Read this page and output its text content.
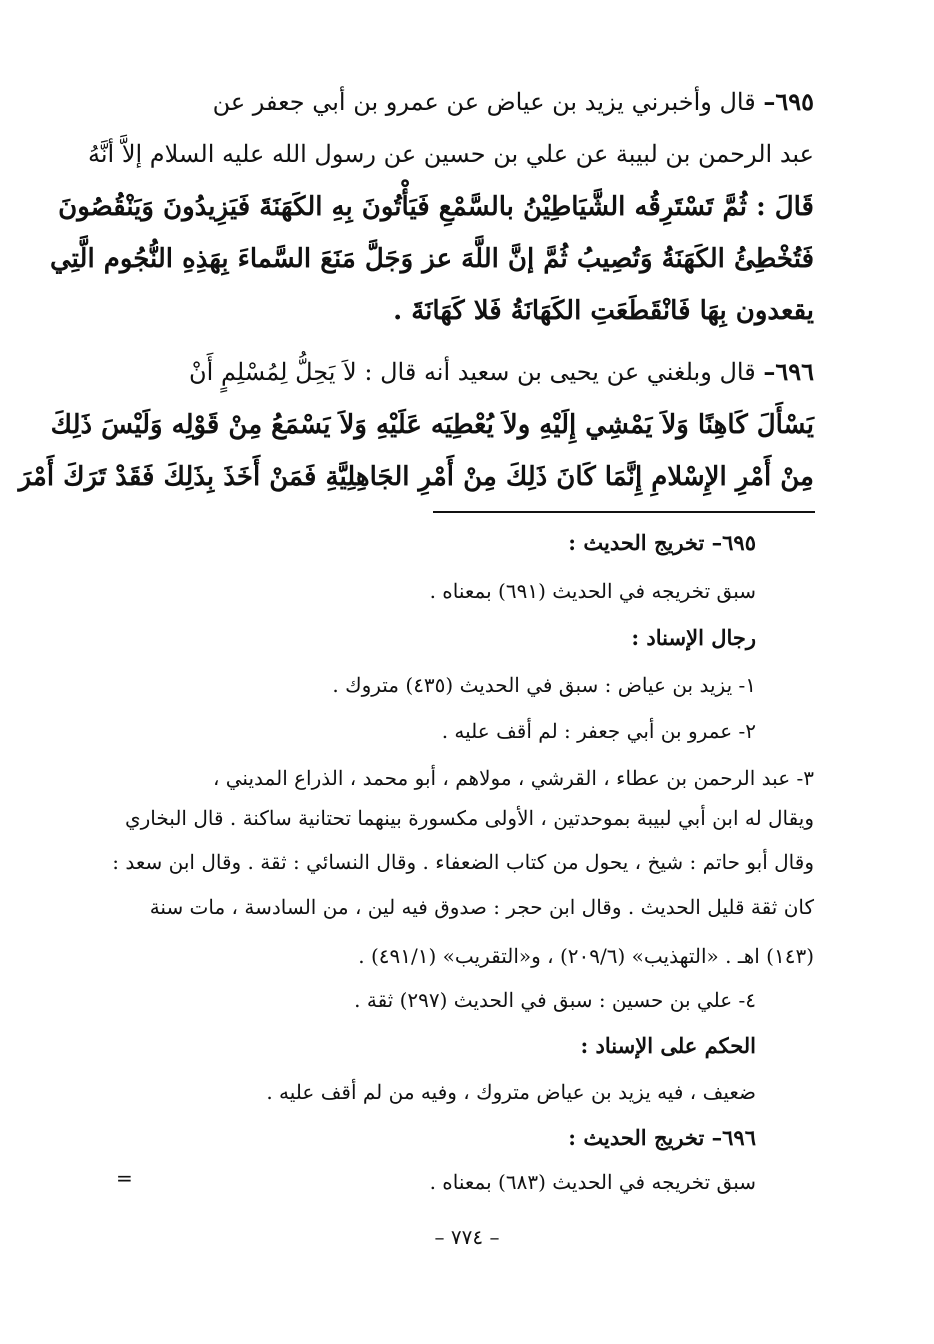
٦٩٥– قال وأخبرني يزيد بن عياض عن عمرو بن أبي جعفر عن

عبد الرحمن بن لبيبة عن علي بن حسين عن رسول الله عليه السلام إلاَّ أنَّهُ

قَالَ : ثُمَّ تَسْتَرِقُه الشَّيَاطِيْنُ بالسَّمْعِ فَيَأْتُونَ بِهِ الكَهَنَةَ فَيَزِيدُونَ وَيَنْقُصُونَ

فَتُخْطِئُ الكَهَنَةُ وَتُصِيبُ ثُمَّ إنَّ اللَّهَ عز وَجَلَّ مَنَعَ السَّماءَ بِهَذِهِ النُّجُوم الَّتِي

يقعدون بِهَا فَانْقَطَعَتِ الكَهَانَةُ فَلا كَهَانَةَ .

٦٩٦– قال وبلغني عن يحيى بن سعيد أنه قال : لاَ يَحِلُّ لِمُسْلِمٍ أَنْ

يَسْأَلَ كَاهِنًا وَلاَ يَمْشِي إِلَيْهِ ولاَ يُعْطِيَه عَلَيْهِ وَلاَ يَسْمَعُ مِنْ قَوْلِه وَلَيْسَ ذَلِكَ

مِنْ أَمْرِ الإِسْلامِ إِنَّمَا كَانَ ذَلِكَ مِنْ أَمْرِ الجَاهِلِيَّةِ فَمَنْ أَخَذَ بِذَلِكَ فَقَدْ تَرَكَ أَمْرَ

٦٩٥– تخريج الحديث :

سبق تخريجه في الحديث (٦٩١) بمعناه .

رجال الإسناد :

١- يزيد بن عياض : سبق في الحديث (٤٣٥) متروك .

٢- عمرو بن أبي جعفر : لم أقف عليه .

٣- عبد الرحمن بن عطاء ، القرشي ، مولاهم ، أبو محمد ، الذراع المديني ،

ويقال له ابن أبي لبيبة بموحدتين ، الأولى مكسورة بينهما تحتانية ساكنة . قال البخاري

وقال أبو حاتم : شيخ ، يحول من كتاب الضعفاء . وقال النسائي : ثقة . وقال ابن سعد :

كان ثقة قليل الحديث . وقال ابن حجر : صدوق فيه لين ، من السادسة ، مات سنة

(١٤٣) اهـ . «التهذيب» (٢٠٩/٦) ، و«التقريب» (٤٩١/١) .

٤- علي بن حسين : سبق في الحديث (٢٩٧) ثقة .

الحكم على الإسناد :

ضعيف ، فيه يزيد بن عياض متروك ، وفيه من لم أقف عليه .

٦٩٦– تخريج الحديث :

سبق تخريجه في الحديث (٦٨٣) بمعناه .

=
– ٧٧٤ –
